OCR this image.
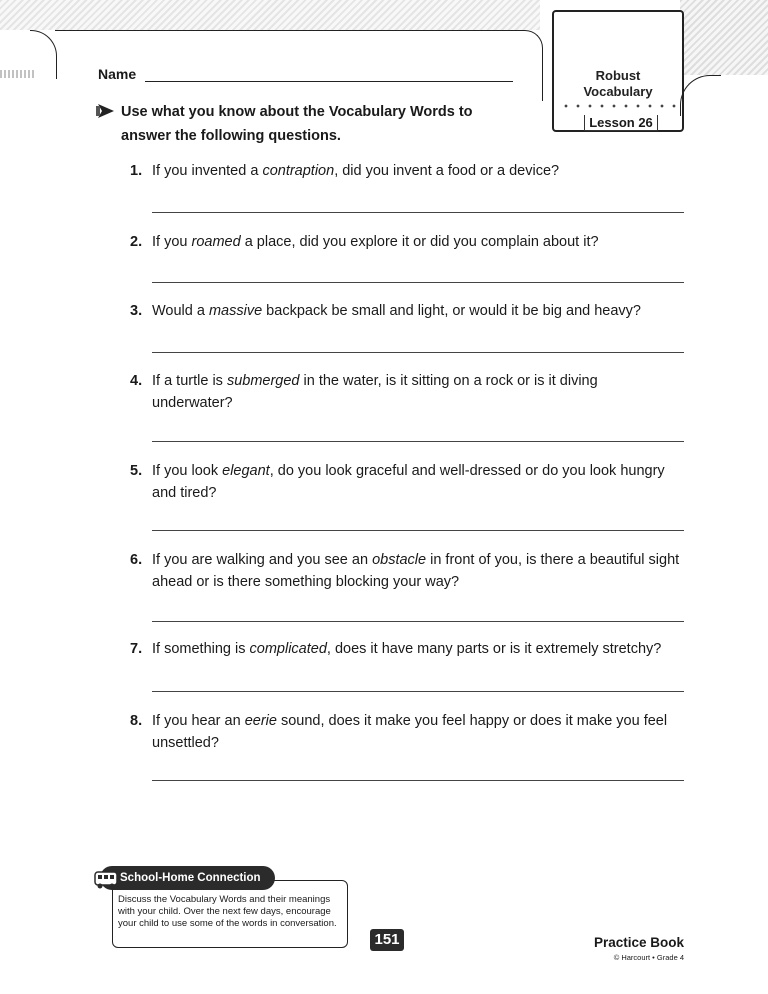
Robust
Vocabulary
Lesson 26
Name
Use what you know about the Vocabulary Words to
answer the following questions.
1. If you invented a contraption, did you invent a food or a device?
2. If you roamed a place, did you explore it or did you complain about it?
3. Would a massive backpack be small and light, or would it be big and heavy?
4. If a turtle is submerged in the water, is it sitting on a rock or is it diving underwater?
5. If you look elegant, do you look graceful and well-dressed or do you look hungry and tired?
6. If you are walking and you see an obstacle in front of you, is there a beautiful sight ahead or is there something blocking your way?
7. If something is complicated, does it have many parts or is it extremely stretchy?
8. If you hear an eerie sound, does it make you feel happy or does it make you feel unsettled?
School-Home Connection
Discuss the Vocabulary Words and their meanings with your child. Over the next few days, encourage your child to use some of the words in conversation.
151	Practice Book
© Harcourt • Grade 4
